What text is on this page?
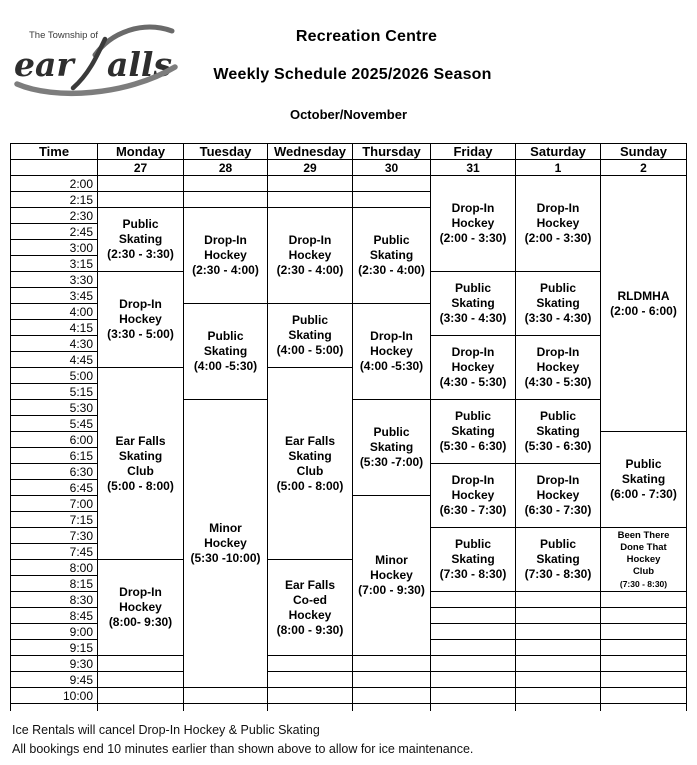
The Township of
ear alls
Recreation Centre
Weekly Schedule 2025/2026 Season
October/November
Time	Monday	Tuesday	Wednesday	Thursday	Friday	Saturday	Sunday
	27	28	29	30	31	1	2
2:00					Drop-In
Hockey
(2:00 - 3:30)	Drop-In
Hockey
(2:00 - 3:30)	RLDMHA
(2:00 - 6:00)

2:15							
2:30	Public
Skating
(2:30 - 3:30)	Drop-In
Hockey
(2:30 - 4:00)	Drop-In
Hockey
(2:30 - 4:00)	Public
Skating
(2:30 - 4:00)			

2:45							
3:00							
3:15							
3:30	Drop-In
Hockey
(3:30 - 5:00)				Public
Skating
(3:30 - 4:30)	Public
Skating
(3:30 - 4:30)	

3:45							
4:00		Public
Skating
(4:00 -5:30)	Public
Skating
(4:00 - 5:00)	Drop-In
Hockey
(4:00 -5:30)			

4:15							
4:30					Drop-In
Hockey
(4:30 - 5:30)	Drop-In
Hockey
(4:30 - 5:30)	

4:45							
5:00	Ear Falls
Skating
Club
(5:00 - 8:00)		Ear Falls
Skating
Club
(5:00 - 8:00)				

5:15							
5:30		Minor
Hockey
(5:30 -10:00)		Public
Skating
(5:30 -7:00)	Public
Skating
(5:30 - 6:30)	Public
Skating
(5:30 - 6:30)	

5:45							
6:00							Public
Skating
(6:00 - 7:30)

6:15							
6:30					Drop-In
Hockey
(6:30 - 7:30)	Drop-In
Hockey
(6:30 - 7:30)	

6:45							
7:00				Minor
Hockey
(7:00 - 9:30)			

7:15							
7:30					Public
Skating
(7:30 - 8:30)	Public
Skating
(7:30 - 8:30)	Been There
Done That
Hockey
Club
(7:30 - 8:30)

7:45							
8:00	Drop-In
Hockey
(8:00- 9:30)		Ear Falls
Co-ed
Hockey
(8:00 - 9:30)				

8:15							
8:30							
8:45							
9:00							
9:15							
9:30							
9:45							
10:00							

Ice Rentals will cancel Drop-In Hockey & Public Skating
All bookings end 10 minutes earlier than shown above to allow for ice maintenance.
